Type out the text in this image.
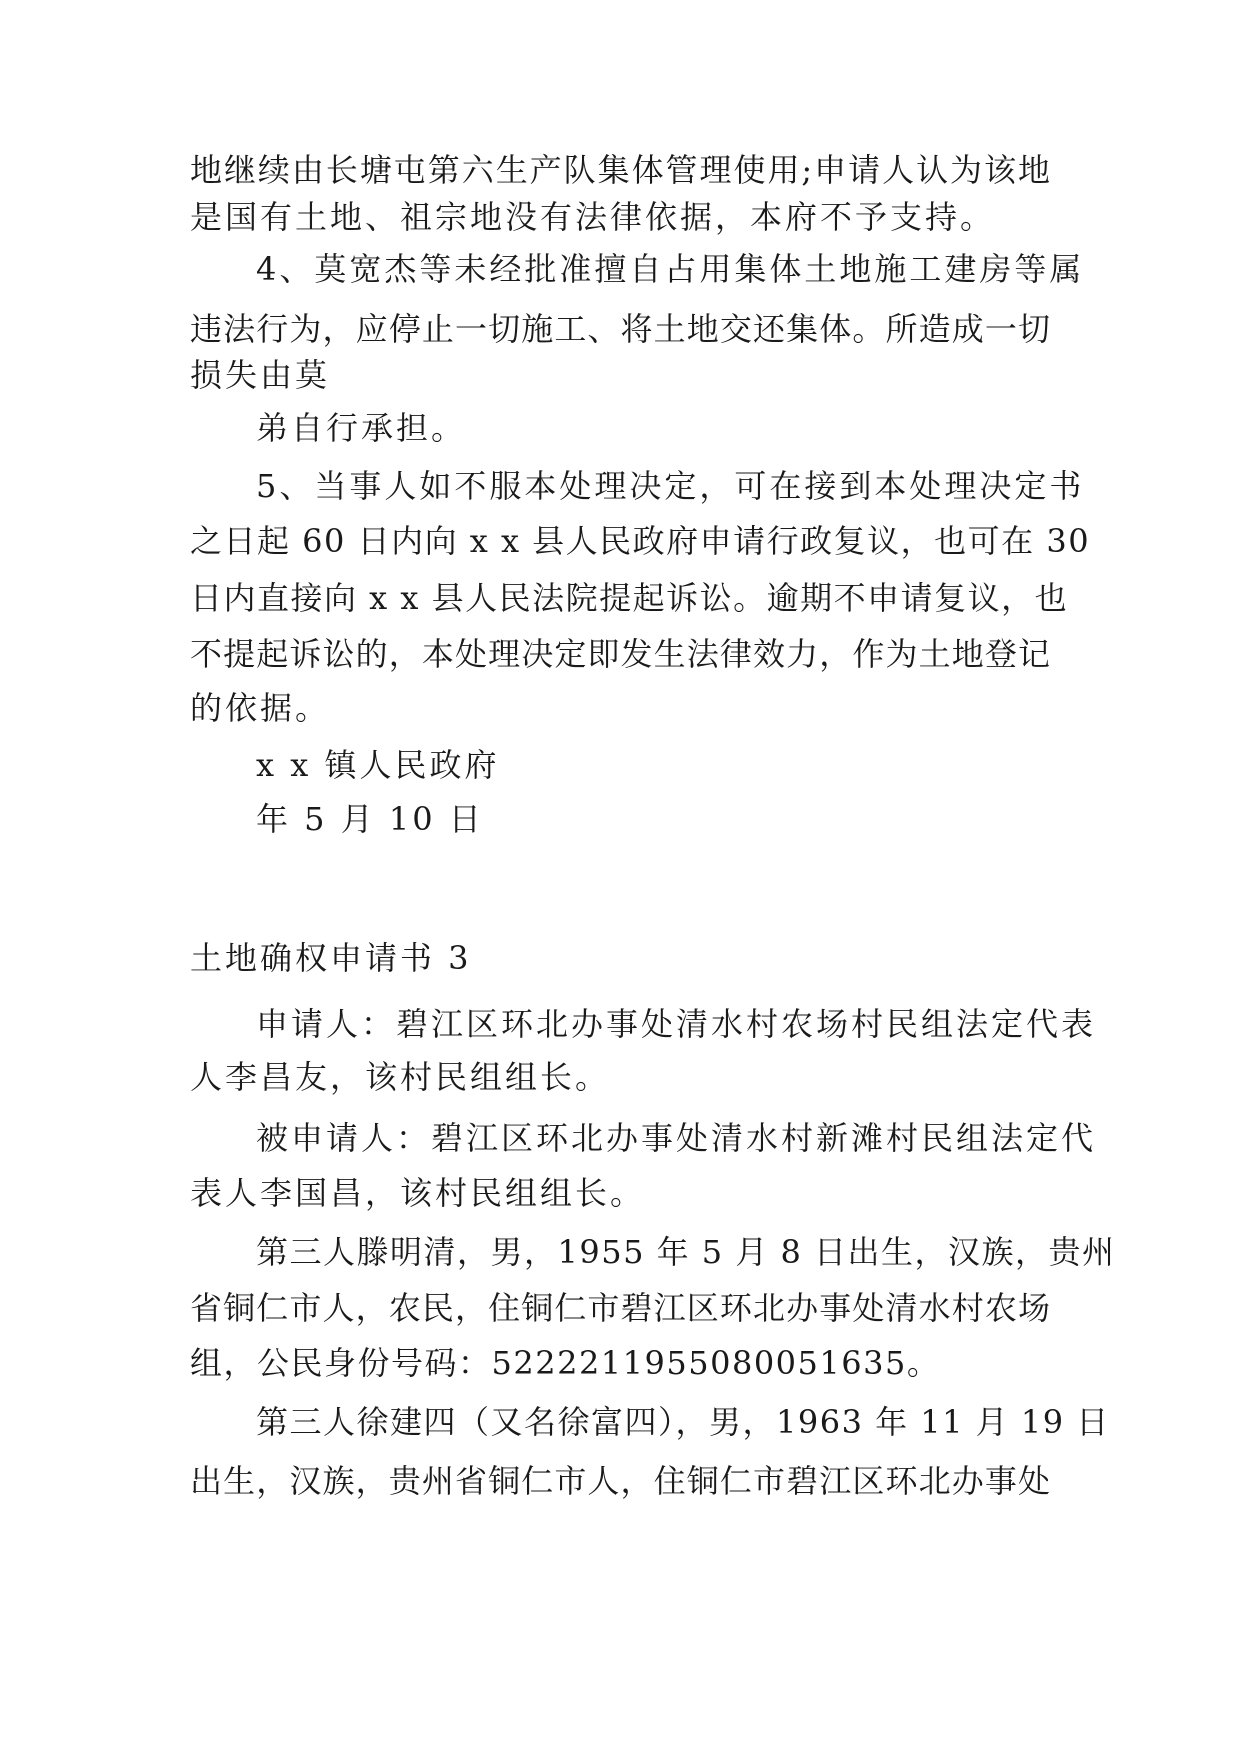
地继续由长塘屯第六生产队集体管理使用;申请人认为该地
是国有土地、祖宗地没有法律依据，本府不予支持。
4、莫宽杰等未经批准擅自占用集体土地施工建房等属
违法行为，应停止一切施工、将土地交还集体。所造成一切
损失由莫
弟自行承担。
5、当事人如不服本处理决定，可在接到本处理决定书
之日起 60 日内向 x x 县人民政府申请行政复议，也可在 30
日内直接向 x x 县人民法院提起诉讼。逾期不申请复议，也
不提起诉讼的，本处理决定即发生法律效力，作为土地登记
的依据。
x x 镇人民政府
年 5 月 10 日
土地确权申请书 3
申请人：碧江区环北办事处清水村农场村民组法定代表
人李昌友，该村民组组长。
被申请人：碧江区环北办事处清水村新滩村民组法定代
表人李国昌，该村民组组长。
第三人滕明清，男，1955 年 5 月 8 日出生，汉族，贵州
省铜仁市人，农民，住铜仁市碧江区环北办事处清水村农场
组，公民身份号码：522221195508005​1635。
第三人徐建四（又名徐富四），男，1963 年 11 月 19 日
出生，汉族，贵州省铜仁市人，住铜仁市碧江区环北办事处
